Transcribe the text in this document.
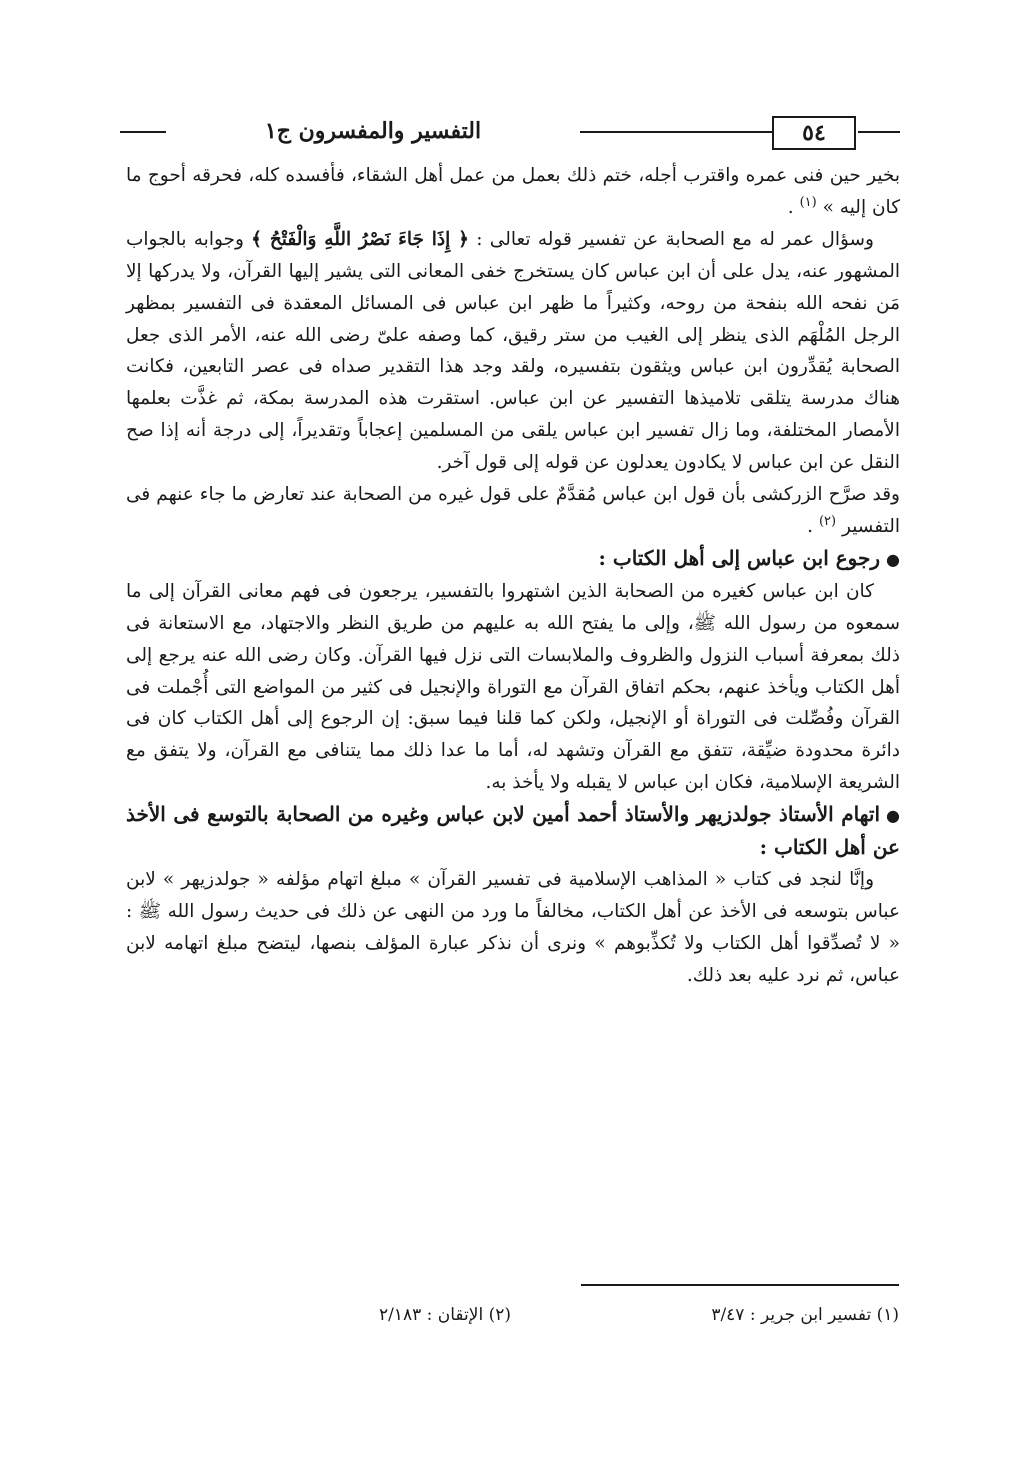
٥٤
التفسير والمفسرون ج١

بخير حين فنى عمره واقترب أجله، ختم ذلك بعمل من عمل أهل الشقاء، فأفسده كله، فحرقه أحوج ما كان إليه » $^{(١)}$ .

وسؤال عمر له مع الصحابة عن تفسير قوله تعالى : ﴿ إِذَا جَاءَ نَصْرُ اللَّهِ وَالْفَتْحُ ﴾ وجوابه بالجواب المشهور عنه، يدل على أن ابن عباس كان يستخرج خفى المعانى التى يشير إليها القرآن، ولا يدركها إلا مَن نفحه الله بنفحة من روحه، وكثيراً ما ظهر ابن عباس فى المسائل المعقدة فى التفسير بمظهر الرجل المُلْهَم الذى ينظر إلى الغيب من ستر رقيق، كما وصفه علىّ رضى الله عنه، الأمر الذى جعل الصحابة يُقدِّرون ابن عباس ويثقون بتفسيره، ولقد وجد هذا التقدير صداه فى عصر التابعين، فكانت هناك مدرسة يتلقى تلاميذها التفسير عن ابن عباس. استقرت هذه المدرسة بمكة، ثم غذَّت بعلمها الأمصار المختلفة، وما زال تفسير ابن عباس يلقى من المسلمين إعجاباً وتقديراً، إلى درجة أنه إذا صح النقل عن ابن عباس لا يكادون يعدلون عن قوله إلى قول آخر.

وقد صرَّح الزركشى بأن قول ابن عباس مُقدَّمٌ على قول غيره من الصحابة عند تعارض ما جاء عنهم فى التفسير $^{(٢)}$ .

●رجوع ابن عباس إلى أهل الكتاب :

كان ابن عباس كغيره من الصحابة الذين اشتهروا بالتفسير، يرجعون فى فهم معانى القرآن إلى ما سمعوه من رسول الله ﷺ، وإلى ما يفتح الله به عليهم من طريق النظر والاجتهاد، مع الاستعانة فى ذلك بمعرفة أسباب النزول والظروف والملابسات التى نزل فيها القرآن. وكان رضى الله عنه يرجع إلى أهل الكتاب ويأخذ عنهم، بحكم اتفاق القرآن مع التوراة والإنجيل فى كثير من المواضع التى أُجْملت فى القرآن وفُصِّلت فى التوراة أو الإنجيل، ولكن كما قلنا فيما سبق: إن الرجوع إلى أهل الكتاب كان فى دائرة محدودة ضيِّقة، تتفق مع القرآن وتشهد له، أما ما عدا ذلك مما يتنافى مع القرآن، ولا يتفق مع الشريعة الإسلامية، فكان ابن عباس لا يقبله ولا يأخذ به.

●اتهام الأستاذ جولدزيهر والأستاذ أحمد أمين لابن عباس وغيره من الصحابة بالتوسع فى الأخذ عن أهل الكتاب :

وإنَّا لنجد فى كتاب « المذاهب الإسلامية فى تفسير القرآن » مبلغ اتهام مؤلفه « جولدزيهر » لابن عباس بتوسعه فى الأخذ عن أهل الكتاب، مخالفاً ما ورد من النهى عن ذلك فى حديث رسول الله ﷺ : « لا تُصدِّقوا أهل الكتاب ولا تُكذِّبوهم » ونرى أن نذكر عبارة المؤلف بنصها، ليتضح مبلغ اتهامه لابن عباس، ثم نرد عليه بعد ذلك.

(١) تفسير ابن جرير : ٣/٤٧
(٢) الإتقان : ٢/١٨٣
